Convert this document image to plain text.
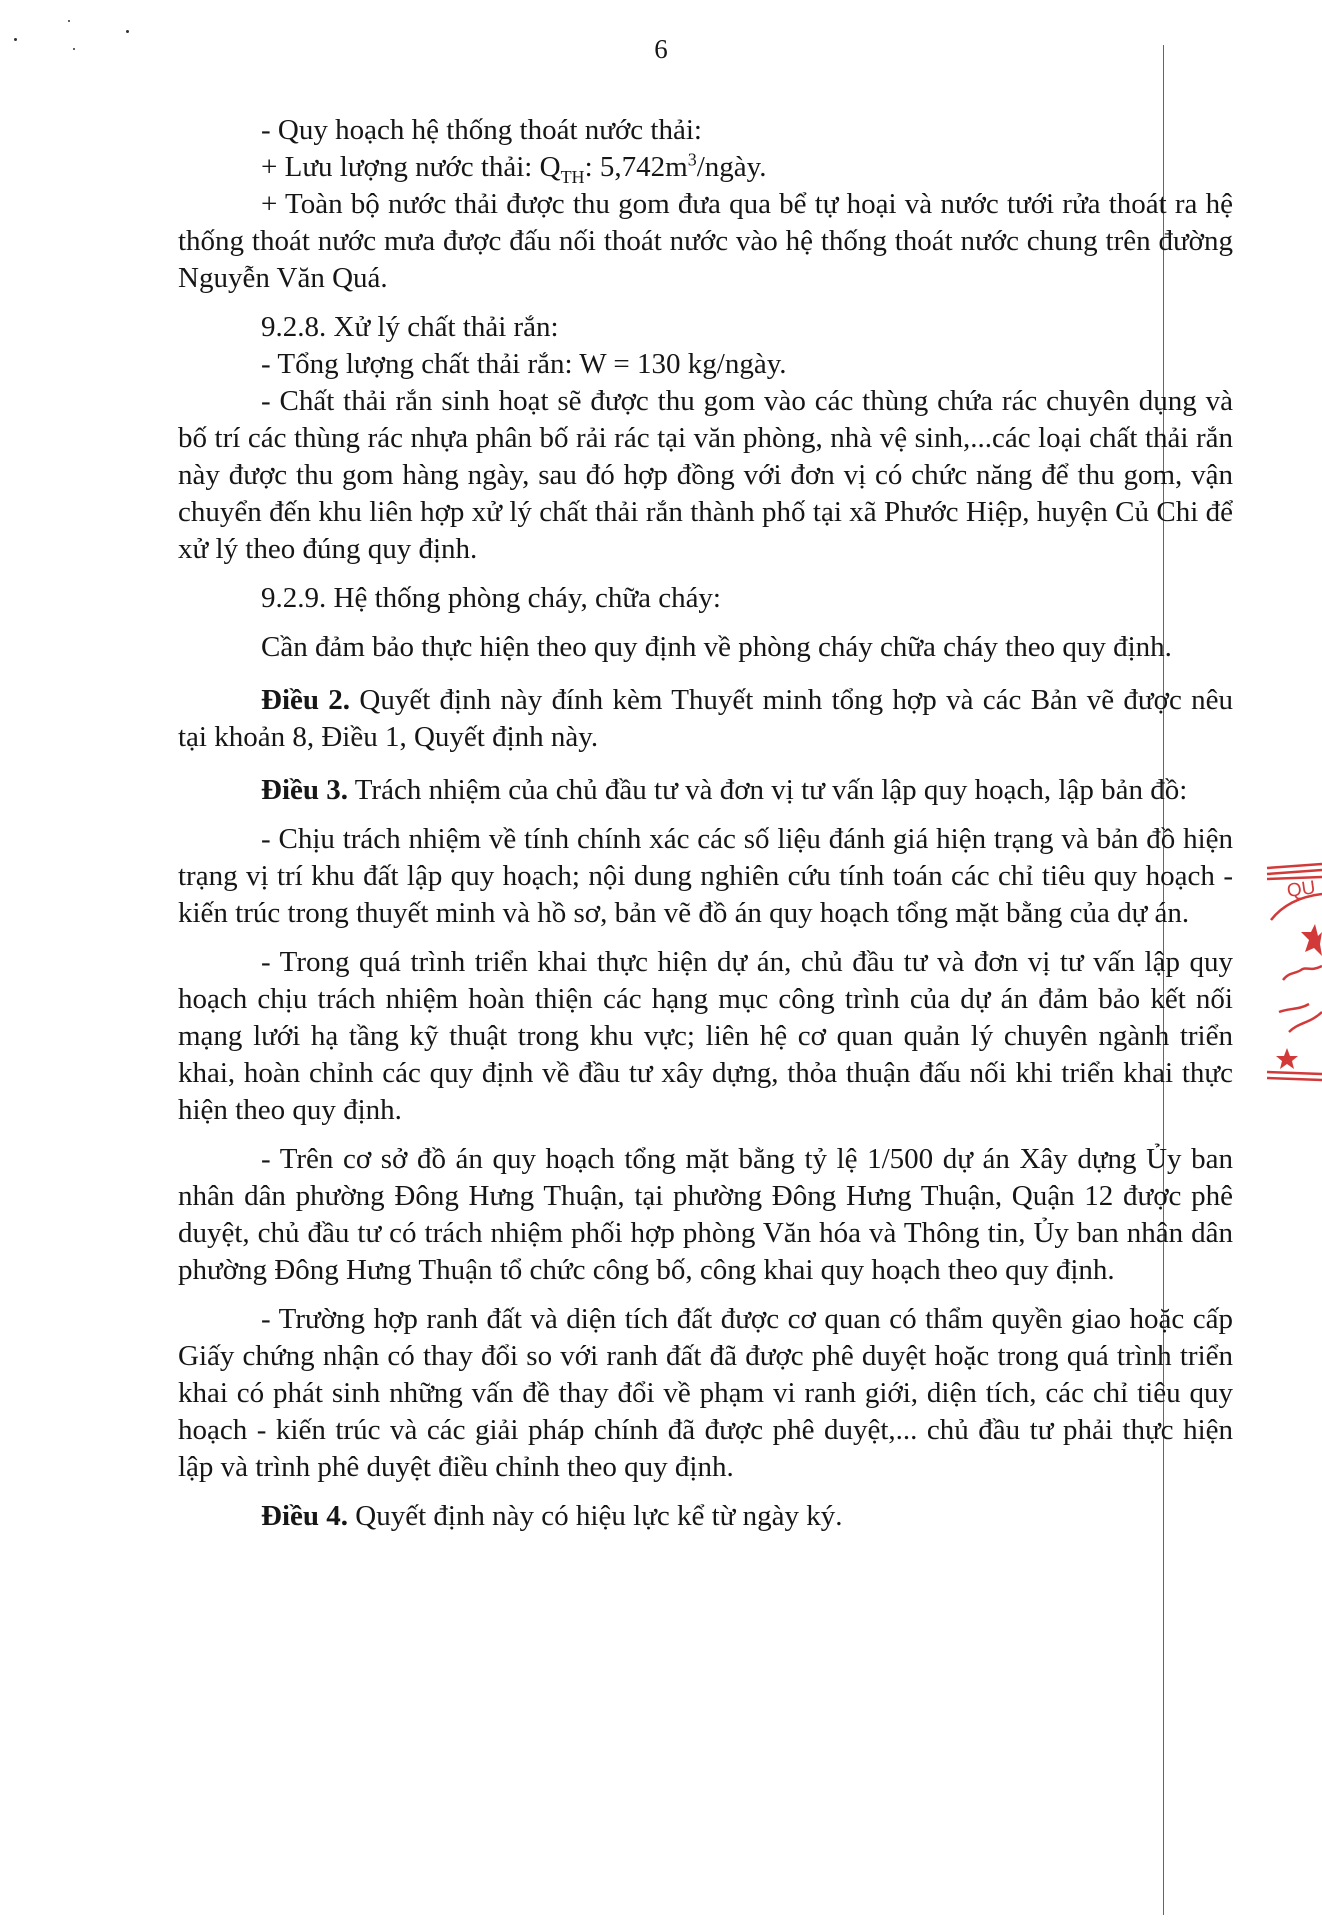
6

- Quy hoạch hệ thống thoát nước thải:

+ Lưu lượng nước thải: $Q_{TH}$: $5,742m^3$/ngày.

+ Toàn bộ nước thải được thu gom đưa qua bể tự hoại và nước tưới rửa thoát ra hệ thống thoát nước mưa được đấu nối thoát nước vào hệ thống thoát nước chung trên đường Nguyễn Văn Quá.

9.2.8. Xử lý chất thải rắn:

- Tổng lượng chất thải rắn: W = 130 kg/ngày.

- Chất thải rắn sinh hoạt sẽ được thu gom vào các thùng chứa rác chuyên dụng và bố trí các thùng rác nhựa phân bố rải rác tại văn phòng, nhà vệ sinh,...các loại chất thải rắn này được thu gom hàng ngày, sau đó hợp đồng với đơn vị có chức năng để thu gom, vận chuyển đến khu liên hợp xử lý chất thải rắn thành phố tại xã Phước Hiệp, huyện Củ Chi để xử lý theo đúng quy định.

9.2.9. Hệ thống phòng cháy, chữa cháy:

Cần đảm bảo thực hiện theo quy định về phòng cháy chữa cháy theo quy định.

Điều 2. Quyết định này đính kèm Thuyết minh tổng hợp và các Bản vẽ được nêu tại khoản 8, Điều 1, Quyết định này.

Điều 3. Trách nhiệm của chủ đầu tư và đơn vị tư vấn lập quy hoạch, lập bản đồ:

- Chịu trách nhiệm về tính chính xác các số liệu đánh giá hiện trạng và bản đồ hiện trạng vị trí khu đất lập quy hoạch; nội dung nghiên cứu tính toán các chỉ tiêu quy hoạch - kiến trúc trong thuyết minh và hồ sơ, bản vẽ đồ án quy hoạch tổng mặt bằng của dự án.

- Trong quá trình triển khai thực hiện dự án, chủ đầu tư và đơn vị tư vấn lập quy hoạch chịu trách nhiệm hoàn thiện các hạng mục công trình của dự án đảm bảo kết nối mạng lưới hạ tầng kỹ thuật trong khu vực; liên hệ cơ quan quản lý chuyên ngành triển khai, hoàn chỉnh các quy định về đầu tư xây dựng, thỏa thuận đấu nối khi triển khai thực hiện theo quy định.

- Trên cơ sở đồ án quy hoạch tổng mặt bằng tỷ lệ 1/500 dự án Xây dựng Ủy ban nhân dân phường Đông Hưng Thuận, tại phường Đông Hưng Thuận, Quận 12 được phê duyệt, chủ đầu tư có trách nhiệm phối hợp phòng Văn hóa và Thông tin, Ủy ban nhân dân phường Đông Hưng Thuận tổ chức công bố, công khai quy hoạch theo quy định.

- Trường hợp ranh đất và diện tích đất được cơ quan có thẩm quyền giao hoặc cấp Giấy chứng nhận có thay đổi so với ranh đất đã được phê duyệt hoặc trong quá trình triển khai có phát sinh những vấn đề thay đổi về phạm vi ranh giới, diện tích, các chỉ tiêu quy hoạch - kiến trúc và các giải pháp chính đã được phê duyệt,... chủ đầu tư phải thực hiện lập và trình phê duyệt điều chỉnh theo quy định.

Điều 4. Quyết định này có hiệu lực kể từ ngày ký.

QU
